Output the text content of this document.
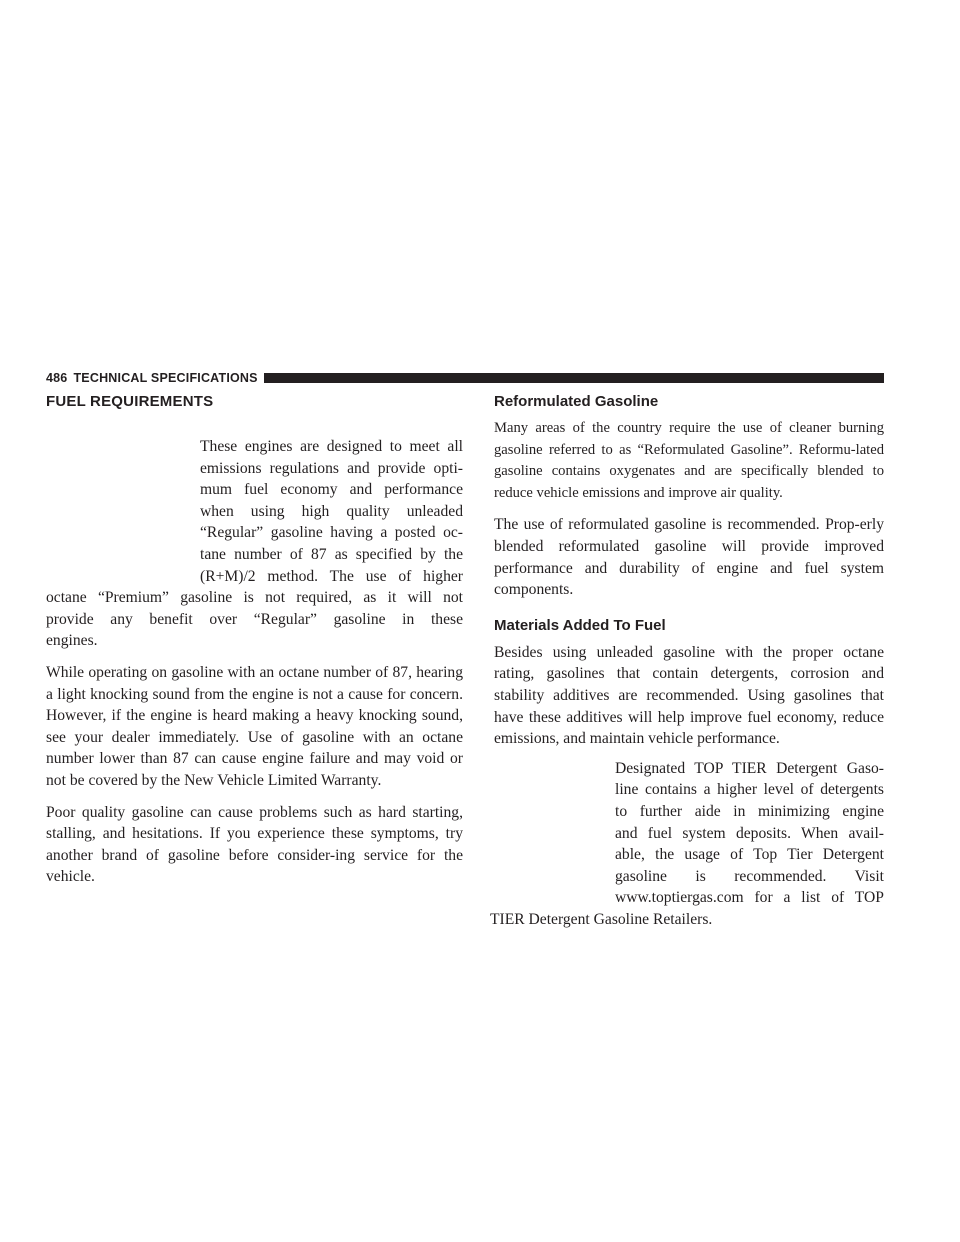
486 TECHNICAL SPECIFICATIONS
FUEL REQUIREMENTS

These engines are designed to meet all

emissions regulations and provide opti-

mum fuel economy and performance

when using high quality unleaded

“Regular” gasoline having a posted oc-

tane number of 87 as specified by the

(R+M)/2 method. The use of higher

octane “Premium” gasoline is not required, as it will not

provide any benefit over “Regular” gasoline in these

engines.

While operating on gasoline with an octane number of 87, hearing a light knocking sound from the engine is not a cause for concern. However, if the engine is heard making a heavy knocking sound, see your dealer immediately. Use of gasoline with an octane number lower than 87 can cause engine failure and may void or not be covered by the New Vehicle Limited Warranty.

Poor quality gasoline can cause problems such as hard starting, stalling, and hesitations. If you experience these symptoms, try another brand of gasoline before consider-ing service for the vehicle.

Reformulated Gasoline

Many areas of the country require the use of cleaner burning gasoline referred to as “Reformulated Gasoline”. Reformu-lated gasoline contains oxygenates and are specifically blended to reduce vehicle emissions and improve air quality.

The use of reformulated gasoline is recommended. Prop-erly blended reformulated gasoline will provide improved performance and durability of engine and fuel system components.

Materials Added To Fuel

Besides using unleaded gasoline with the proper octane rating, gasolines that contain detergents, corrosion and stability additives are recommended. Using gasolines that have these additives will help improve fuel economy, reduce emissions, and maintain vehicle performance.

Designated TOP TIER Detergent Gaso-

line contains a higher level of detergents

to further aide in minimizing engine

and fuel system deposits. When avail-

able, the usage of Top Tier Detergent

gasoline is recommended. Visit

www.toptiergas.com for a list of TOP

TIER Detergent Gasoline Retailers.
